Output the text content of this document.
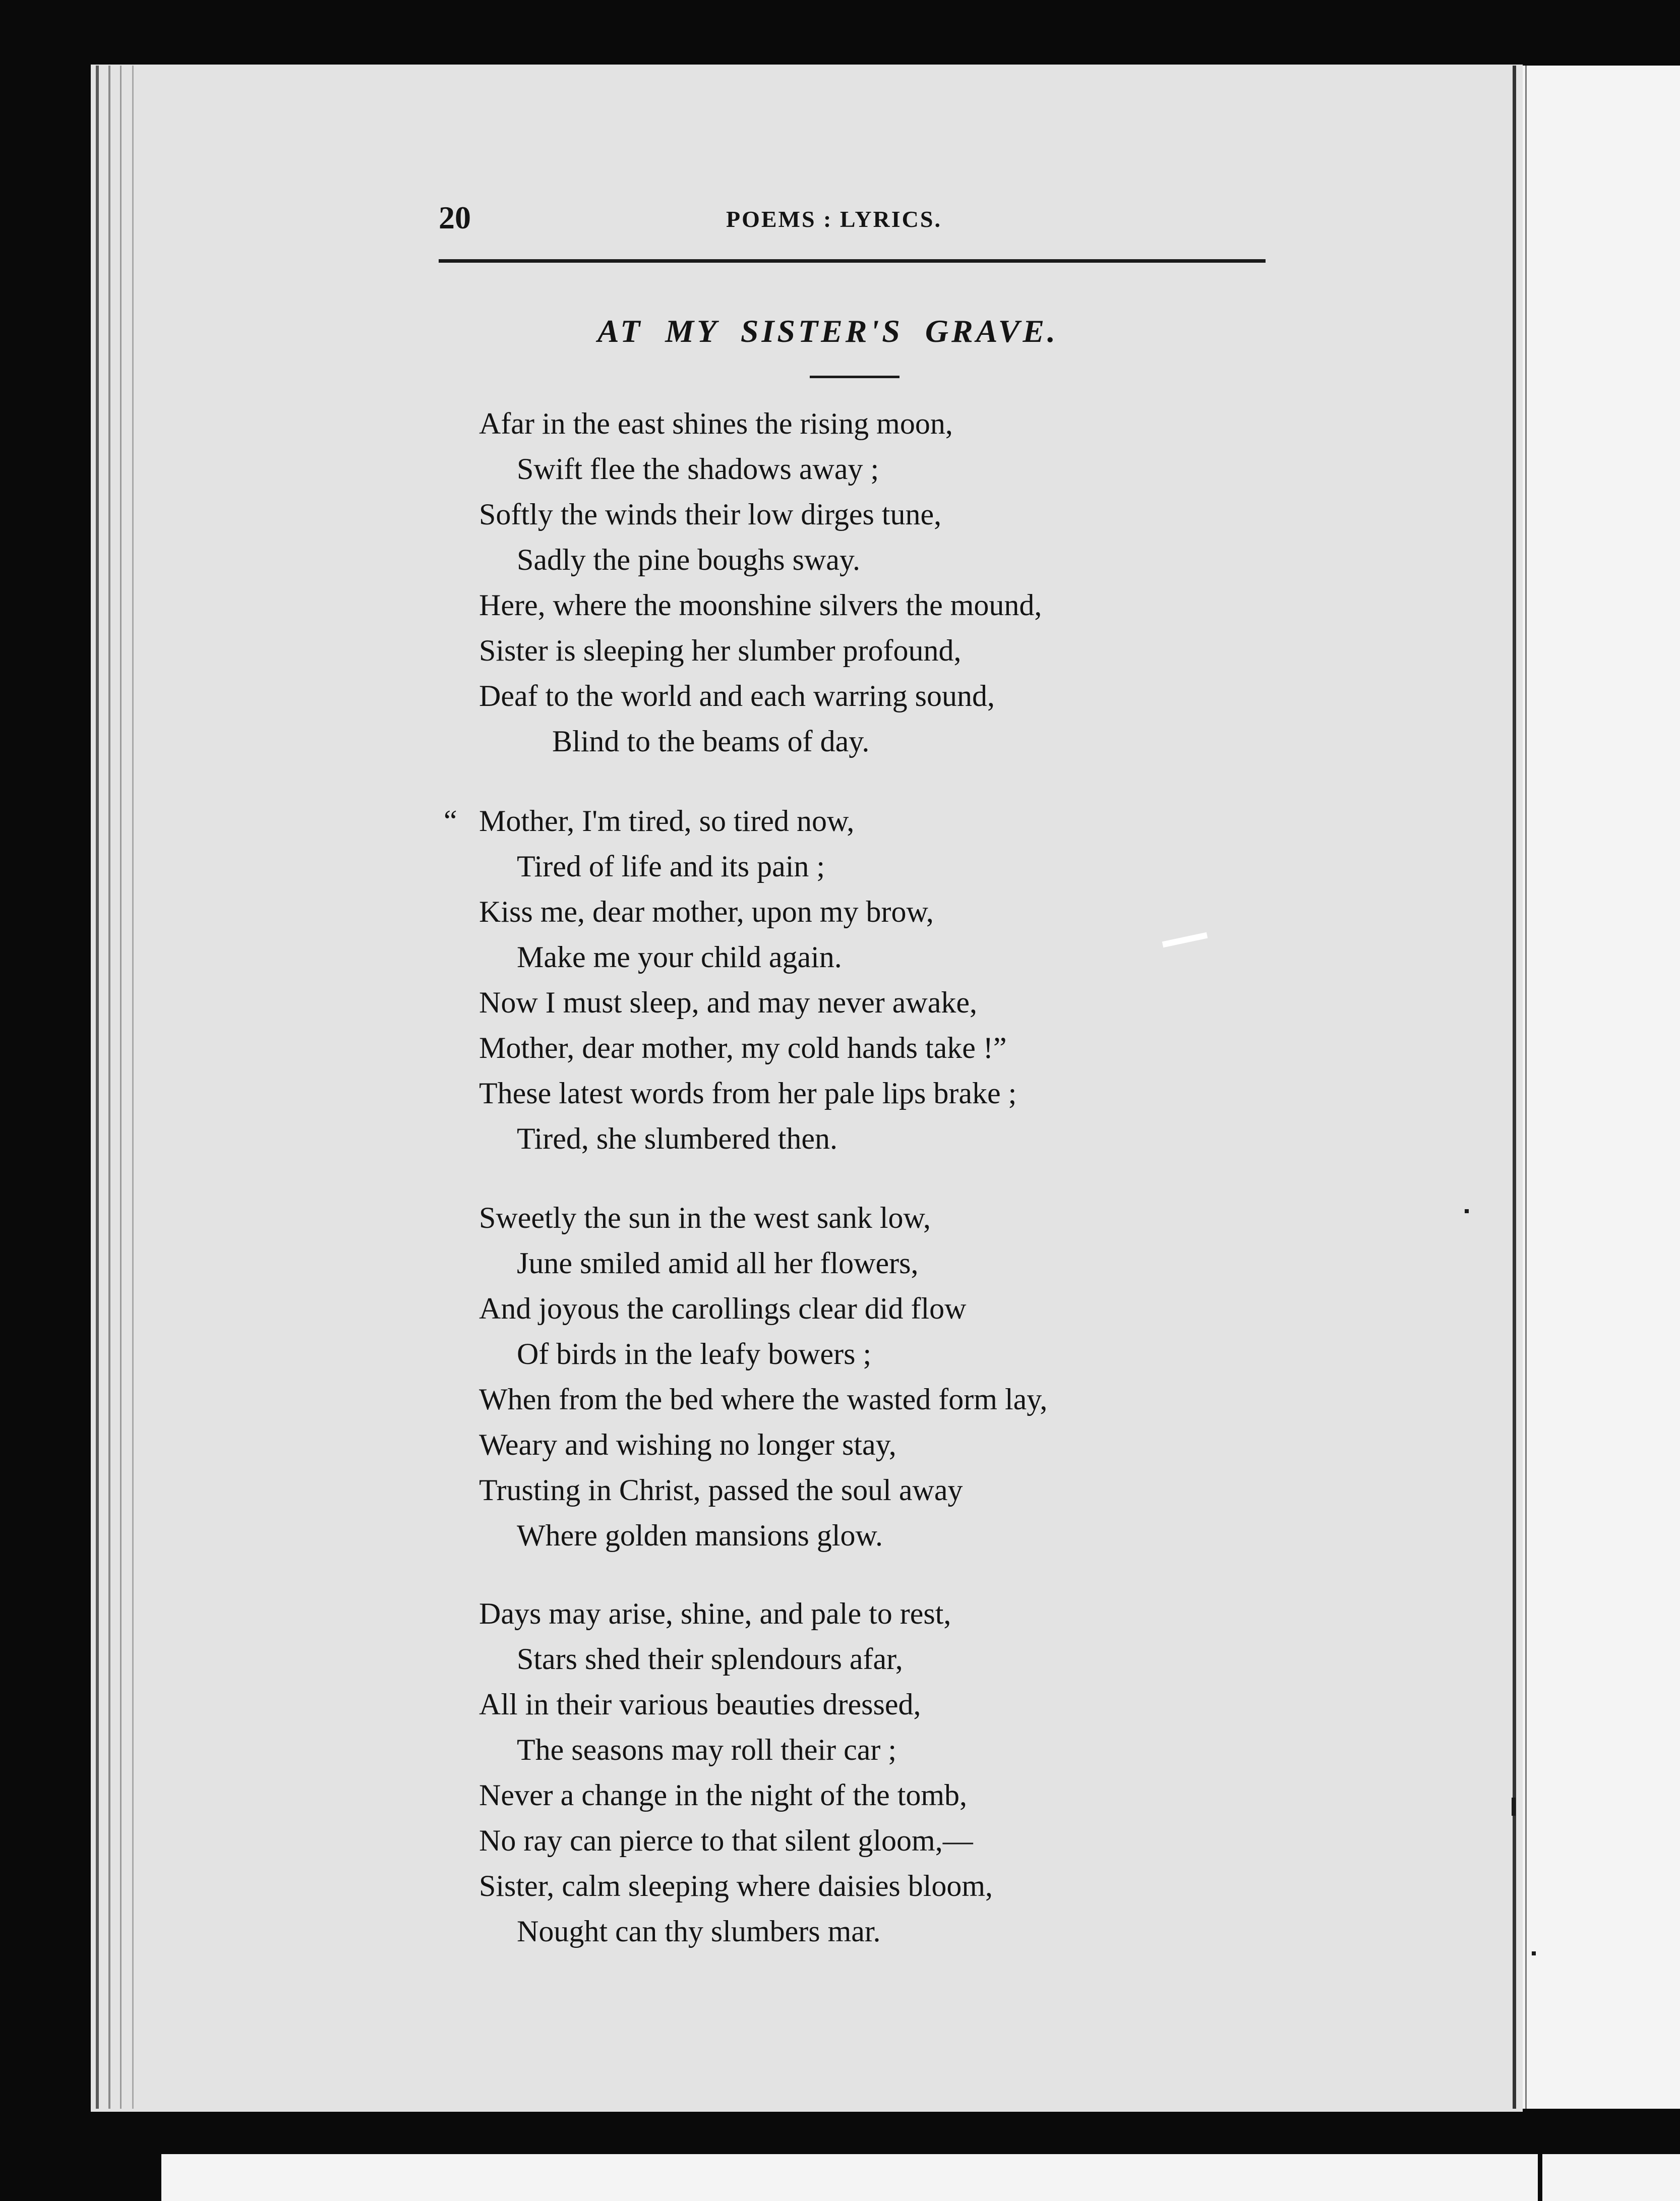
20	POEMS : LYRICS.
AT MY SISTER'S GRAVE.
Afar in the east shines the rising moon,
Swift flee the shadows away ;
Softly the winds their low dirges tune,
Sadly the pine boughs sway.
Here, where the moonshine silvers the mound,
Sister is sleeping her slumber profound,
Deaf to the world and each warring sound,
Blind to the beams of day.
“ Mother, I'm tired, so tired now,
Tired of life and its pain ;
Kiss me, dear mother, upon my brow,
Make me your child again.
Now I must sleep, and may never awake,
Mother, dear mother, my cold hands take !”
These latest words from her pale lips brake ;
Tired, she slumbered then.
Sweetly the sun in the west sank low,
June smiled amid all her flowers,
And joyous the carollings clear did flow
Of birds in the leafy bowers ;
When from the bed where the wasted form lay,
Weary and wishing no longer stay,
Trusting in Christ, passed the soul away
Where golden mansions glow.
Days may arise, shine, and pale to rest,
Stars shed their splendours afar,
All in their various beauties dressed,
The seasons may roll their car ;
Never a change in the night of the tomb,
No ray can pierce to that silent gloom,—
Sister, calm sleeping where daisies bloom,
Nought can thy slumbers mar.
